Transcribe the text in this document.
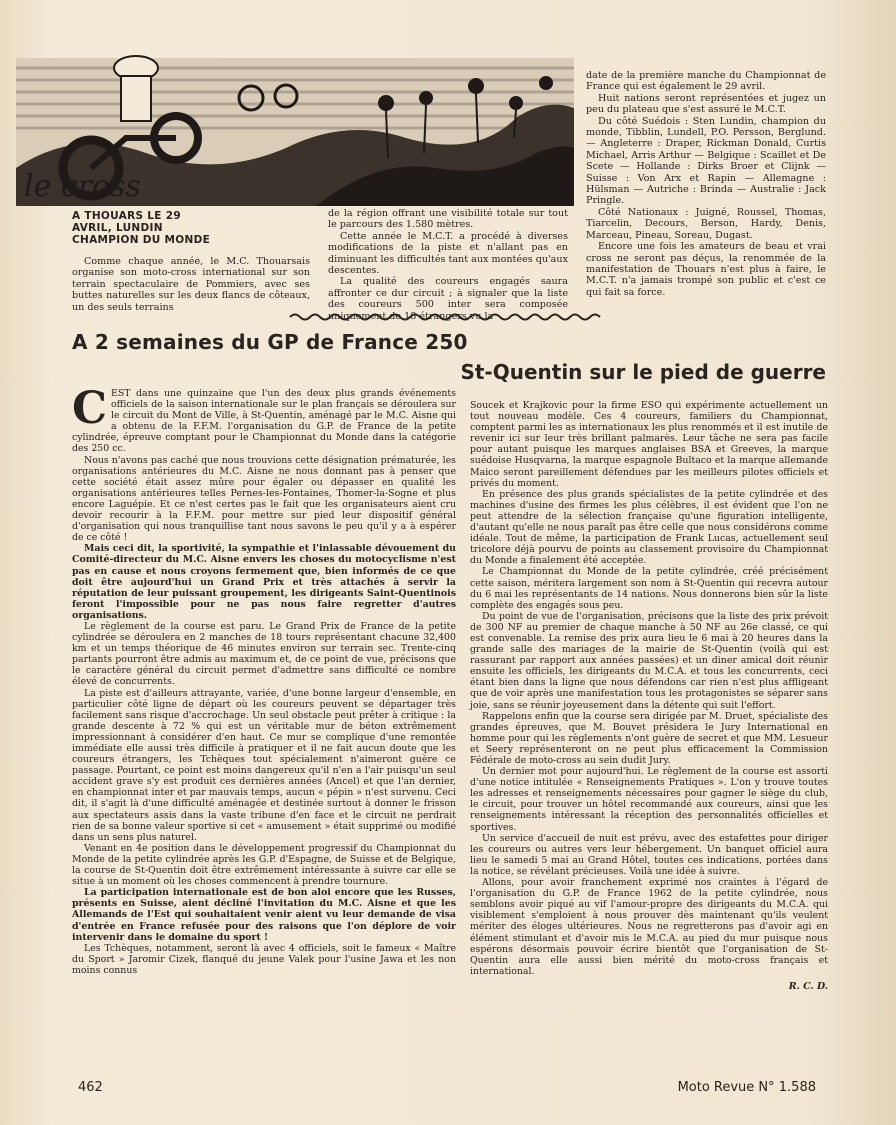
le cross
A THOUARS LE 29 AVRIL, LUNDIN CHAMPION DU MONDE

Comme chaque année, le M.C. Thouarsais organise son moto-cross international sur son terrain spectaculaire de Pommiers, avec ses buttes naturelles sur les deux flancs de côteaux, un des seuls terrains

de la région offrant une visibilité totale sur tout le parcours des 1.580 mètres.

Cette année le M.C.T. a procédé à diverses modifications de la piste et n'allant pas en diminuant les difficultés tant aux montées qu'aux descentes.

La qualité des coureurs engagés saura affronter ce dur circuit ; à signaler que la liste des coureurs 500 inter sera composée uniquement de 18 étrangers vu la

date de la première manche du Championnat de France qui est également le 29 avril.

Huit nations seront représentées et jugez un peu du plateau que s'est assuré le M.C.T.

Du côté Suédois : Sten Lundin, champion du monde, Tibblin, Lundell, P.O. Persson, Berglund. — Angleterre : Draper, Rickman Donald, Curtis Michael, Arris Arthur — Belgique : Scaillet et De Scete — Hollande : Dirks Broer et Clijnk — Suisse : Von Arx et Rapin — Allemagne : Hülsman — Autriche : Brinda — Australie : Jack Pringle.

Côté Nationaux : Juigné, Roussel, Thomas, Tiarcelin, Decours, Berson, Hardy, Denis, Marceau, Pineau, Soreau, Dugast.

Encore une fois les amateurs de beau et vrai cross ne seront pas déçus, la renommée de la manifestation de Thouars n'est plus à faire, le M.C.T. n'a jamais trompé son public et c'est ce qui fait sa force.

A 2 semaines du GP de France 250
St-Quentin sur le pied de guerre

CEST dans une quinzaine que l'un des deux plus grands événements officiels de la saison internationale sur le plan français se déroulera sur le circuit du Mont de Ville, à St-Quentin, aménagé par le M.C. Aisne qui a obtenu de la F.F.M. l'organisation du G.P. de France de la petite cylindrée, épreuve comptant pour le Championnat du Monde dans la catégorie des 250 cc.

Nous n'avons pas caché que nous trouvions cette désignation prématurée, les organisations antérieures du M.C. Aisne ne nous donnant pas à penser que cette société était assez mûre pour égaler ou dépasser en qualité les organisations antérieures telles Pernes-les-Fontaines, Thomer-la-Sogne et plus encore Laguépie. Et ce n'est certes pas le fait que les organisateurs aient cru devoir recourir à la F.F.M. pour mettre sur pied leur dispositif général d'organisation qui nous tranquillise tant nous savons le peu qu'il y a à espérer de ce côté !

Mais ceci dit, la sportivité, la sympathie et l'inlassable dévouement du Comité-directeur du M.C. Aisne envers les choses du motocyclisme n'est pas en cause et nous croyons fermement que, bien informés de ce que doit être aujourd'hui un Grand Prix et très attachés à servir la réputation de leur puissant groupement, les dirigeants Saint-Quentinois feront l'impossible pour ne pas nous faire regretter d'autres organisations.

Le règlement de la course est paru. Le Grand Prix de France de la petite cylindrée se déroulera en 2 manches de 18 tours représentant chacune 32,400 km et un temps théorique de 46 minutes environ sur terrain sec. Trente-cinq partants pourront être admis au maximum et, de ce point de vue, précisons que le caractère général du circuit permet d'admettre sans difficulté ce nombre élevé de concurrents.

La piste est d'ailleurs attrayante, variée, d'une bonne largeur d'ensemble, en particulier côté ligne de départ où les coureurs peuvent se départager très facilement sans risque d'accrochage. Un seul obstacle peut prêter à critique : la grande descente à 72 % qui est un véritable mur de béton extrêmement impressionnant à considérer d'en haut. Ce mur se complique d'une remontée immédiate elle aussi très difficile à pratiquer et il ne fait aucun doute que les coureurs étrangers, les Tchèques tout spécialement n'aimeront guère ce passage. Pourtant, ce point est moins dangereux qu'il n'en a l'air puisqu'un seul accident grave s'y est produit ces dernières années (Ancel) et que l'an dernier, en championnat inter et par mauvais temps, aucun « pépin » n'est survenu. Ceci dit, il s'agit là d'une difficulté aménagée et destinée surtout à donner le frisson aux spectateurs assis dans la vaste tribune d'en face et le circuit ne perdrait rien de sa bonne valeur sportive si cet « amusement » était supprimé ou modifié dans un sens plus naturel.

Venant en 4e position dans le développement progressif du Championnat du Monde de la petite cylindrée après les G.P. d'Espagne, de Suisse et de Belgique, la course de St-Quentin doit être extrêmement intéressante à suivre car elle se situe à un moment où les choses commencent à prendre tournure.

La participation internationale est de bon aloi encore que les Russes, présents en Suisse, aient décliné l'invitation du M.C. Aisne et que les Allemands de l'Est qui souhaitaient venir aient vu leur demande de visa d'entrée en France refusée pour des raisons que l'on déplore de voir intervenir dans le domaine du sport !

Les Tchèques, notamment, seront là avec 4 officiels, soit le fameux « Maître du Sport » Jaromir Cizek, flanqué du jeune Valek pour l'usine Jawa et les non moins connus

Soucek et Krajkovic pour la firme ESO qui expérimente actuellement un tout nouveau modèle. Ces 4 coureurs, familiers du Championnat, comptent parmi les as internationaux les plus renommés et il est inutile de revenir ici sur leur très brillant palmarès. Leur tâche ne sera pas facile pour autant puisque les marques anglaises BSA et Greeves, la marque suédoise Husqvarna, la marque espagnole Bultaco et la marque allemande Maico seront pareillement défendues par les meilleurs pilotes officiels et privés du moment.

En présence des plus grands spécialistes de la petite cylindrée et des machines d'usine des firmes les plus célèbres, il est évident que l'on ne peut attendre de la sélection française qu'une figuration intelligente, d'autant qu'elle ne nous paraît pas être celle que nous considérons comme idéale. Tout de même, la participation de Frank Lucas, actuellement seul tricolore déjà pourvu de points au classement provisoire du Championnat du Monde a finalement été acceptée.

Le Championnat du Monde de la petite cylindrée, créé précisément cette saison, méritera largement son nom à St-Quentin qui recevra autour du 6 mai les représentants de 14 nations. Nous donnerons bien sûr la liste complète des engagés sous peu.

Du point de vue de l'organisation, précisons que la liste des prix prévoit de 300 NF au premier de chaque manche à 50 NF au 26e classé, ce qui est convenable. La remise des prix aura lieu le 6 mai à 20 heures dans la grande salle des mariages de la mairie de St-Quentin (voilà qui est rassurant par rapport aux années passées) et un diner amical doit réunir ensuite les officiels, les dirigeants du M.C.A. et tous les concurrents, ceci étant bien dans la ligne que nous défendons car rien n'est plus affligeant que de voir après une manifestation tous les protagonistes se séparer sans joie, sans se réunir joyeusement dans la détente qui suit l'effort.

Rappelons enfin que la course sera dirigée par M. Druet, spécialiste des grandes épreuves, que M. Bouvet présidera le Jury International en homme pour qui les règlements n'ont guère de secret et que MM. Lesueur et Seery représenteront on ne peut plus efficacement la Commission Fédérale de moto-cross au sein dudit Jury.

Un dernier mot pour aujourd'hui. Le règlement de la course est assorti d'une notice intitulée « Renseignements Pratiques ». L'on y trouve toutes les adresses et renseignements nécessaires pour gagner le siège du club, le circuit, pour trouver un hôtel recommandé aux coureurs, ainsi que les renseignements intéressant la réception des personnalités officielles et sportives.

Un service d'accueil de nuit est prévu, avec des estafettes pour diriger les coureurs ou autres vers leur hébergement. Un banquet officiel aura lieu le samedi 5 mai au Grand Hôtel, toutes ces indications, portées dans la notice, se révélant précieuses. Voilà une idée à suivre.

Allons, pour avoir franchement exprimé nos craintes à l'égard de l'organisation du G.P. de France 1962 de la petite cylindrée, nous semblons avoir piqué au vif l'amour-propre des dirigeants du M.C.A. qui visiblement s'emploient à nous prouver dès maintenant qu'ils veulent mériter des éloges ultérieures. Nous ne regretterons pas d'avoir agi en élément stimulant et d'avoir mis le M.C.A. au pied du mur puisque nous espérons désormais pouvoir écrire bientôt que l'organisation de St-Quentin aura elle aussi bien mérité du moto-cross français et international.

R. C. D.
462	Moto Revue N° 1.588
